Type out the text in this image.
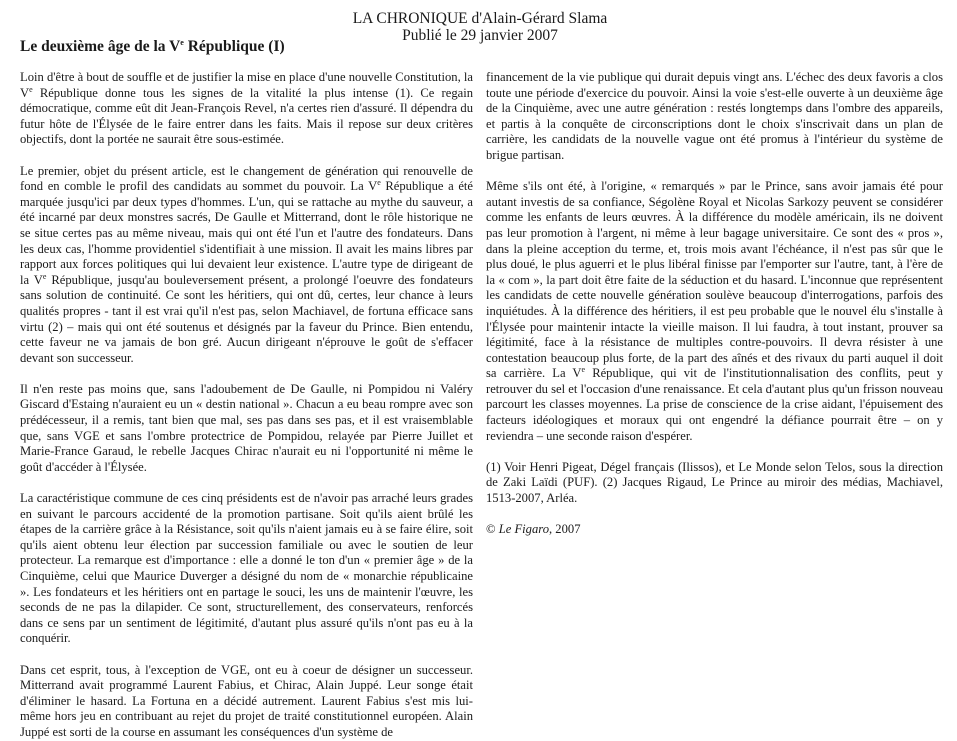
LA CHRONIQUE d'Alain-Gérard Slama
Publié le 29 janvier 2007
Le deuxième âge de la Ve République (I)

Loin d'être à bout de souffle et de justifier la mise en place d'une nouvelle Constitution, la Ve République donne tous les signes de la vitalité la plus intense (1). Ce regain démocratique, comme eût dit Jean-François Revel, n'a certes rien d'assuré. Il dépendra du futur hôte de l'Élysée de le faire entrer dans les faits. Mais il repose sur deux critères objectifs, dont la portée ne saurait être sous-estimée.

Le premier, objet du présent article, est le changement de génération qui renouvelle de fond en comble le profil des candidats au sommet du pouvoir. La Ve République a été marquée jusqu'ici par deux types d'hommes. L'un, qui se rattache au mythe du sauveur, a été incarné par deux monstres sacrés, De Gaulle et Mitterrand, dont le rôle historique ne se situe certes pas au même niveau, mais qui ont été l'un et l'autre des fondateurs. Dans les deux cas, l'homme providentiel s'identifiait à une mission. Il avait les mains libres par rapport aux forces politiques qui lui devaient leur existence. L'autre type de dirigeant de la Ve République, jusqu'au bouleversement présent, a prolongé l'oeuvre des fondateurs sans solution de continuité. Ce sont les héritiers, qui ont dû, certes, leur chance à leurs qualités propres - tant il est vrai qu'il n'est pas, selon Machiavel, de fortuna efficace sans virtu (2) – mais qui ont été soutenus et désignés par la faveur du Prince. Bien entendu, cette faveur ne va jamais de bon gré. Aucun dirigeant n'éprouve le goût de s'effacer devant son successeur.

Il n'en reste pas moins que, sans l'adoubement de De Gaulle, ni Pompidou ni Valéry Giscard d'Estaing n'auraient eu un « destin national ». Chacun a eu beau rompre avec son prédécesseur, il a remis, tant bien que mal, ses pas dans ses pas, et il est vraisemblable que, sans VGE et sans l'ombre protectrice de Pompidou, relayée par Pierre Juillet et Marie-France Garaud, le rebelle Jacques Chirac n'aurait eu ni l'opportunité ni même le goût d'accéder à l'Élysée.

La caractéristique commune de ces cinq présidents est de n'avoir pas arraché leurs grades en suivant le parcours accidenté de la promotion partisane. Soit qu'ils aient brûlé les étapes de la carrière grâce à la Résistance, soit qu'ils n'aient jamais eu à se faire élire, soit qu'ils aient obtenu leur élection par succession familiale ou avec le soutien de leur protecteur. La remarque est d'importance : elle a donné le ton d'un « premier âge » de la Cinquième, celui que Maurice Duverger a désigné du nom de « monarchie républicaine ». Les fondateurs et les héritiers ont en partage le souci, les uns de maintenir l'œuvre, les seconds de ne pas la dilapider. Ce sont, structurellement, des conservateurs, renforcés dans ce sens par un sentiment de légitimité, d'autant plus assuré qu'ils n'ont pas eu à la conquérir.

Dans cet esprit, tous, à l'exception de VGE, ont eu à coeur de désigner un successeur. Mitterrand avait programmé Laurent Fabius, et Chirac, Alain Juppé. Leur songe était d'éliminer le hasard. La Fortuna en a décidé autrement. Laurent Fabius s'est mis lui-même hors jeu en contribuant au rejet du projet de traité constitutionnel européen. Alain Juppé est sorti de la course en assumant les conséquences d'un système de

financement de la vie publique qui durait depuis vingt ans. L'échec des deux favoris a clos toute une période d'exercice du pouvoir. Ainsi la voie s'est-elle ouverte à un deuxième âge de la Cinquième, avec une autre génération : restés longtemps dans l'ombre des appareils, et partis à la conquête de circonscriptions dont le choix s'inscrivait dans un plan de carrière, les candidats de la nouvelle vague ont été promus à l'intérieur du système de brigue partisan.

Même s'ils ont été, à l'origine, « remarqués » par le Prince, sans avoir jamais été pour autant investis de sa confiance, Ségolène Royal et Nicolas Sarkozy peuvent se considérer comme les enfants de leurs œuvres. À la différence du modèle américain, ils ne doivent pas leur promotion à l'argent, ni même à leur bagage universitaire. Ce sont des « pros », dans la pleine acception du terme, et, trois mois avant l'échéance, il n'est pas sûr que le plus doué, le plus aguerri et le plus libéral finisse par l'emporter sur l'autre, tant, à l'ère de la « com », la part doit être faite de la séduction et du hasard. L'inconnue que représentent les candidats de cette nouvelle génération soulève beaucoup d'interrogations, parfois des inquiétudes. À la différence des héritiers, il est peu probable que le nouvel élu s'installe à l'Élysée pour maintenir intacte la vieille maison. Il lui faudra, à tout instant, prouver sa légitimité, face à la résistance de multiples contre-pouvoirs. Il devra résister à une contestation beaucoup plus forte, de la part des aînés et des rivaux du parti auquel il doit sa carrière. La Ve République, qui vit de l'institutionnalisation des conflits, peut y retrouver du sel et l'occasion d'une renaissance. Et cela d'autant plus qu'un frisson nouveau parcourt les classes moyennes. La prise de conscience de la crise aidant, l'épuisement des facteurs idéologiques et moraux qui ont engendré la défiance pourrait être – on y reviendra – une seconde raison d'espérer.

(1) Voir Henri Pigeat, Dégel français (Ilissos), et Le Monde selon Telos, sous la direction de Zaki Laïdi (PUF). (2) Jacques Rigaud, Le Prince au miroir des médias, Machiavel, 1513-2007, Arléa.

© Le Figaro, 2007
